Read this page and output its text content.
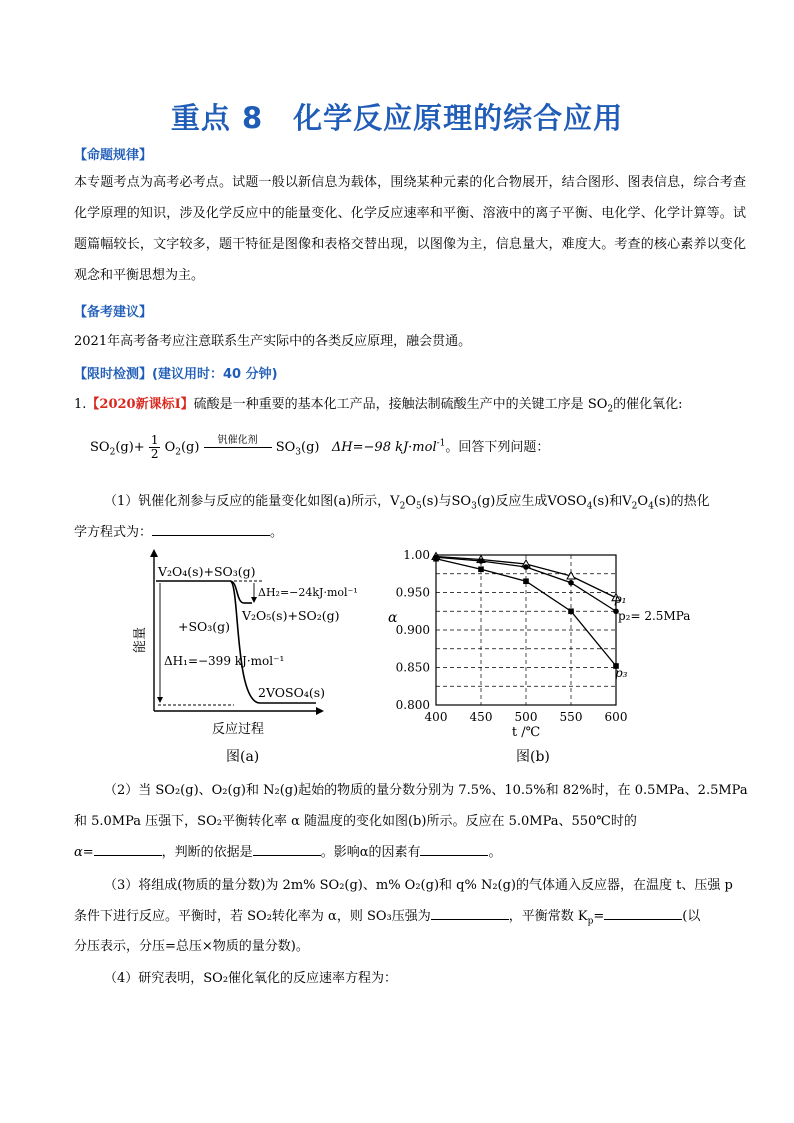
重点 8 化学反应原理的综合应用
【命题规律】
本专题考点为高考必考点。试题一般以新信息为载体，围绕某种元素的化合物展开，结合图形、图表信息，综合考查化学原理的知识，涉及化学反应中的能量变化、化学反应速率和平衡、溶液中的离子平衡、电化学、化学计算等。试题篇幅较长，文字较多，题干特征是图像和表格交替出现，以图像为主，信息量大，难度大。考查的核心素养以变化观念和平衡思想为主。
【备考建议】
2021年高考备考应注意联系生产实际中的各类反应原理，融会贯通。
【限时检测】(建议用时：40 分钟)
1.【2020新课标Ⅰ】硫酸是一种重要的基本化工产品，接触法制硫酸生产中的关键工序是 $SO_2$的催化氧化:
$SO_2(g)+ \frac{1}{2} O_2(g)$	钒催化剂	$SO_3(g)$   ΔH=−98 kJ·mol$^{-1}$。回答下列问题：
（1）钒催化剂参与反应的能量变化如图(a)所示，$V_2O_5(s)$与$SO_3(g)$反应生成$VOSO_4(s)$和$V_2O_4(s)$的热化
学方程式为：	。
V₂O₄(s)+SO₃(g)
ΔH₂=−24kJ·mol⁻¹
V₂O₅(s)+SO₂(g)
+SO₃(g)
ΔH₁=−399 kJ·mol⁻¹
2VOSO₄(s)
能量
反应过程
图(a)
0.800
0.850
0.900
0.950
1.00
400 450 500 550 600
α
t /℃
p₁
p₂= 2.5MPa
p₃
图(b)
（2）当 SO₂(g)、O₂(g)和 N₂(g)起始的物质的量分数分别为 7.5%、10.5%和 82%时，在 0.5MPa、2.5MPa
和 5.0MPa 压强下，SO₂平衡转化率 α 随温度的变化如图(b)所示。反应在 5.0MPa、550℃时的
α=	，判断的依据是	。影响α的因素有	。
（3）将组成(物质的量分数)为 2m% SO₂(g)、m% O₂(g)和 q% N₂(g)的气体通入反应器，在温度 t、压强 p
条件下进行反应。平衡时，若 SO₂转化率为 α，则 SO₃压强为	，平衡常数 $K_p=$	(以
分压表示，分压=总压×物质的量分数)。
（4）研究表明，SO₂催化氧化的反应速率方程为：
